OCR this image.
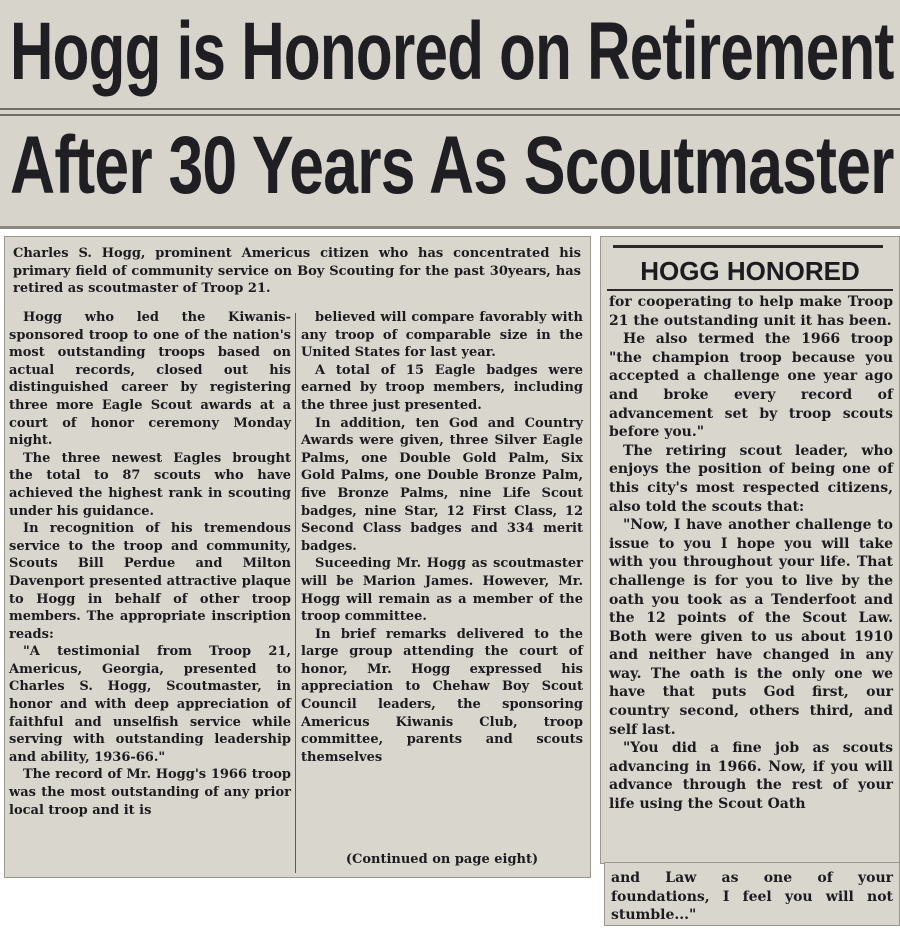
Hogg is Honored on Retirement
After 30 Years As Scoutmaster
Charles S. Hogg, prominent Americus citizen who has concentrated his primary field of community service on Boy Scouting for the past 30years, has retired as scoutmaster of Troop 21.

Hogg who led the Kiwanis-sponsored troop to one of the nation's most outstanding troops based on actual records, closed out his distinguished career by registering three more Eagle Scout awards at a court of honor ceremony Monday night.

The three newest Eagles brought the total to 87 scouts who have achieved the highest rank in scouting under his guidance.

In recognition of his tremendous service to the troop and community, Scouts Bill Perdue and Milton Davenport presented attractive plaque to Hogg in behalf of other troop members. The appropriate inscription reads:

"A testimonial from Troop 21, Americus, Georgia, presented to Charles S. Hogg, Scoutmaster, in honor and with deep appreciation of faithful and unselfish service while serving with outstanding leadership and ability, 1936-66."

The record of Mr. Hogg's 1966 troop was the most outstanding of any prior local troop and it is

believed will compare favorably with any troop of comparable size in the United States for last year.

A total of 15 Eagle badges were earned by troop members, including the three just presented.

In addition, ten God and Country Awards were given, three Silver Eagle Palms, one Double Gold Palm, Six Gold Palms, one Double Bronze Palm, five Bronze Palms, nine Life Scout badges, nine Star, 12 First Class, 12 Second Class badges and 334 merit badges.

Suceeding Mr. Hogg as scoutmaster will be Marion James. However, Mr. Hogg will remain as a member of the troop committee.

In brief remarks delivered to the large group attending the court of honor, Mr. Hogg expressed his appreciation to Chehaw Boy Scout Council leaders, the sponsoring Americus Kiwanis Club, troop committee, parents and scouts themselves

(Continued on page eight)
HOGG HONORED

for cooperating to help make Troop 21 the outstanding unit it has been.

He also termed the 1966 troop "the champion troop because you accepted a challenge one year ago and broke every record of advancement set by troop scouts before you."

The retiring scout leader, who enjoys the position of being one of this city's most respected citizens, also told the scouts that:

"Now, I have another challenge to issue to you I hope you will take with you throughout your life. That challenge is for you to live by the oath you took as a Tenderfoot and the 12 points of the Scout Law. Both were given to us about 1910 and neither have changed in any way. The oath is the only one we have that puts God first, our country second, others third, and self last.

"You did a fine job as scouts advancing in 1966. Now, if you will advance through the rest of your life using the Scout Oath

and Law as one of your foundations, I feel you will not stumble..."
